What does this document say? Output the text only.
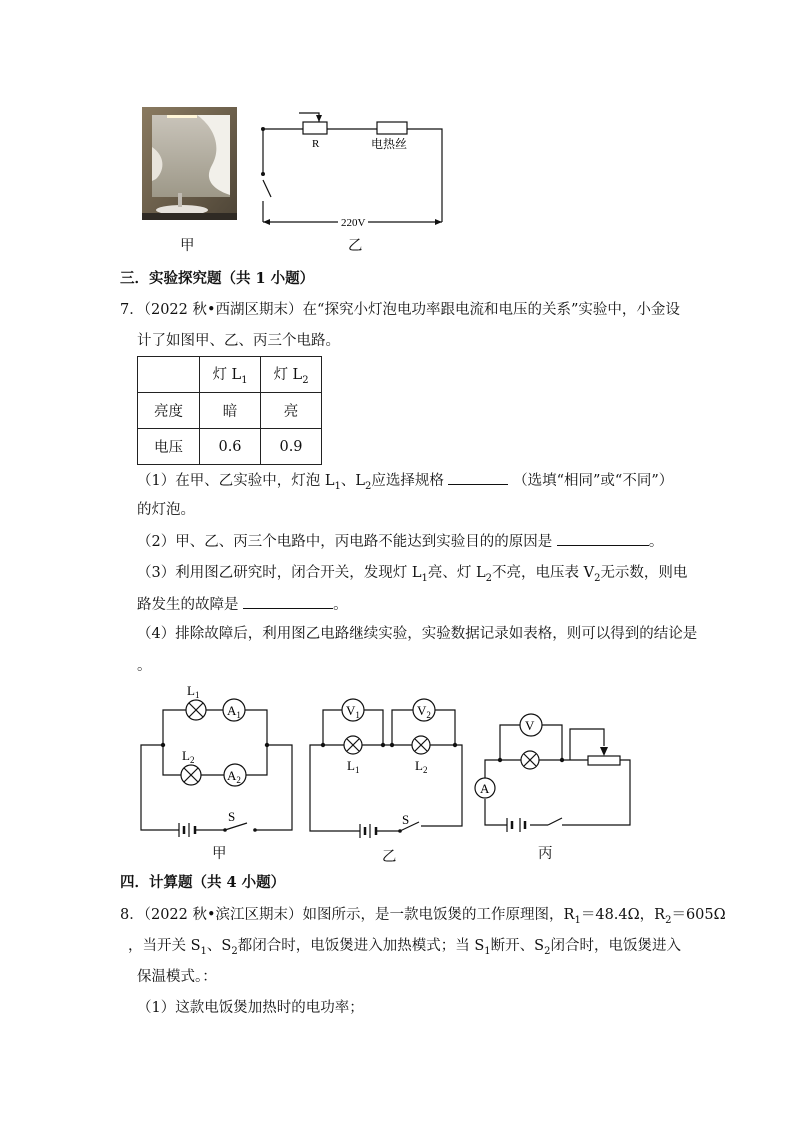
甲
R	电热丝
220V
乙
三．实验探究题（共 1 小题）
7．（2022 秋•西湖区期末）在“探究小灯泡电功率跟电流和电压的关系”实验中，小金设
计了如图甲、乙、丙三个电路。
	灯 $L_1$	灯 $L_2$
亮度	暗	亮
电压	0.6	0.9
（1）在甲、乙实验中，灯泡 $L_1$、$L_2$应选择规格	（选填“相同”或“不同”）
的灯泡。
（2）甲、乙、丙三个电路中，丙电路不能达到实验目的的原因是	。
（3）利用图乙研究时，闭合开关，发现灯 $L_1$亮、灯 $L_2$不亮，电压表 $V_2$无示数，则电
路发生的故障是	。
（4）排除故障后，利用图乙电路继续实验，实验数据记录如表格，则可以得到的结论是
。
$L_1$
$L_2$
$A_1$
$A_2$
S
甲
$V_1$	$V_2$
$L_1$	$L_2$
S
乙
V
A
丙
四．计算题（共 4 小题）
8．（2022 秋•滨江区期末）如图所示，是一款电饭煲的工作原理图，$R_1=48.4\Omega$，$R_2=605\Omega$
，当开关 $S_1$、$S_2$都闭合时，电饭煲进入加热模式；当 $S_1$断开、$S_2$闭合时，电饭煲进入
保温模式。：
（1）这款电饭煲加热时的电功率；
